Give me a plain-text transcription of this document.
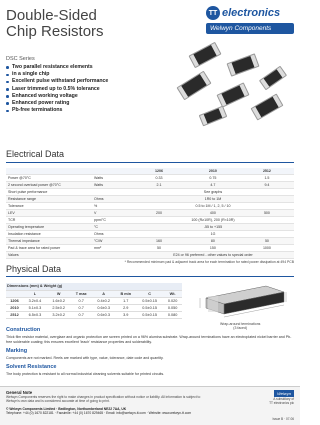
Double-Sided
Chip Resistors
TT electronics
Welwyn Components
DSC Series
Two parallel resistance elements
in a single chip
Excellent pulse withstand performance
Laser trimmed up to 0.5% tolerance
Enhanced working voltage
Enhanced power rating
Pb-free terminations
Electrical Data
		1206	2010	2512
Power @70°C	Watts	0.33	0.75	1.5
2 second overload power @70°C	Watts	2.1	4.7	9.4
Short pulse performance		See graphs		
Resistance range	Ohms	1R0 to 1M		
Tolerance	%	0.5 to 1M / 1, 2, 5 / 10		
LEV	V	200	400	500
TCR	ppm/°C	100 (R≥10R), 200 (R<10R)		
Operating temperature	°C	-55 to +155		
Insulation resistance	Ohms	1G		
Thermal impedance	°C/W	160	80	50
Pad & trace area for rated power	mm²	50	150	1000
Values		E24 or 96 preferred - other values to special order		
* Recommended minimum pad & adjacent track area for each termination for rated power dissipation at 494 PCB
Physical Data
Dimensions (mm) & Weight (g)							
	L	W	T max	A	B min	C	Wt.
1206	3.2±0.4	1.6±0.2	0.7	0.4±0.2	1.7	0.5±0.15	0.020
2010	5.1±0.3	2.5±0.2	0.7	0.6±0.3	2.9	0.5±0.15	0.050
2512	6.5±0.3	3.2±0.2	0.7	0.6±0.3	3.9	0.5±0.15	0.080
Wrap-around terminations
(3 faced)
Construction
Thick film resistor material, overglaze and organic protection are screen printed on a 96% alumina substrate. Wrap-around terminations have an electroplated nickel barrier and Pb-free solderable coating; this ensures excellent 'leach' resistance properties and solderability.
Marking
Components are not marked. Reels are marked with type, value, tolerance, date code and quantity.
Solvent Resistance
The body protection is resistant to all normal industrial cleaning solvents suitable for printed circuits.
General Note
Welwyn Components reserves the right to make changes in product specification without notice or liability. All information is subject to Welwyn's own data and is considered accurate at time of going to print.
© Welwyn Components Limited · Bedlington, Northumberland NE22 7AA, UK
Telephone: +44 (0) 1670 822181 · Facsimile: +44 (0) 1670 829465 · Email: info@welwyn-tt.com · Website: www.welwyn-tt.com
Welwyn
A subsidiary of
TT electronics plc
Issue B · 07.06
